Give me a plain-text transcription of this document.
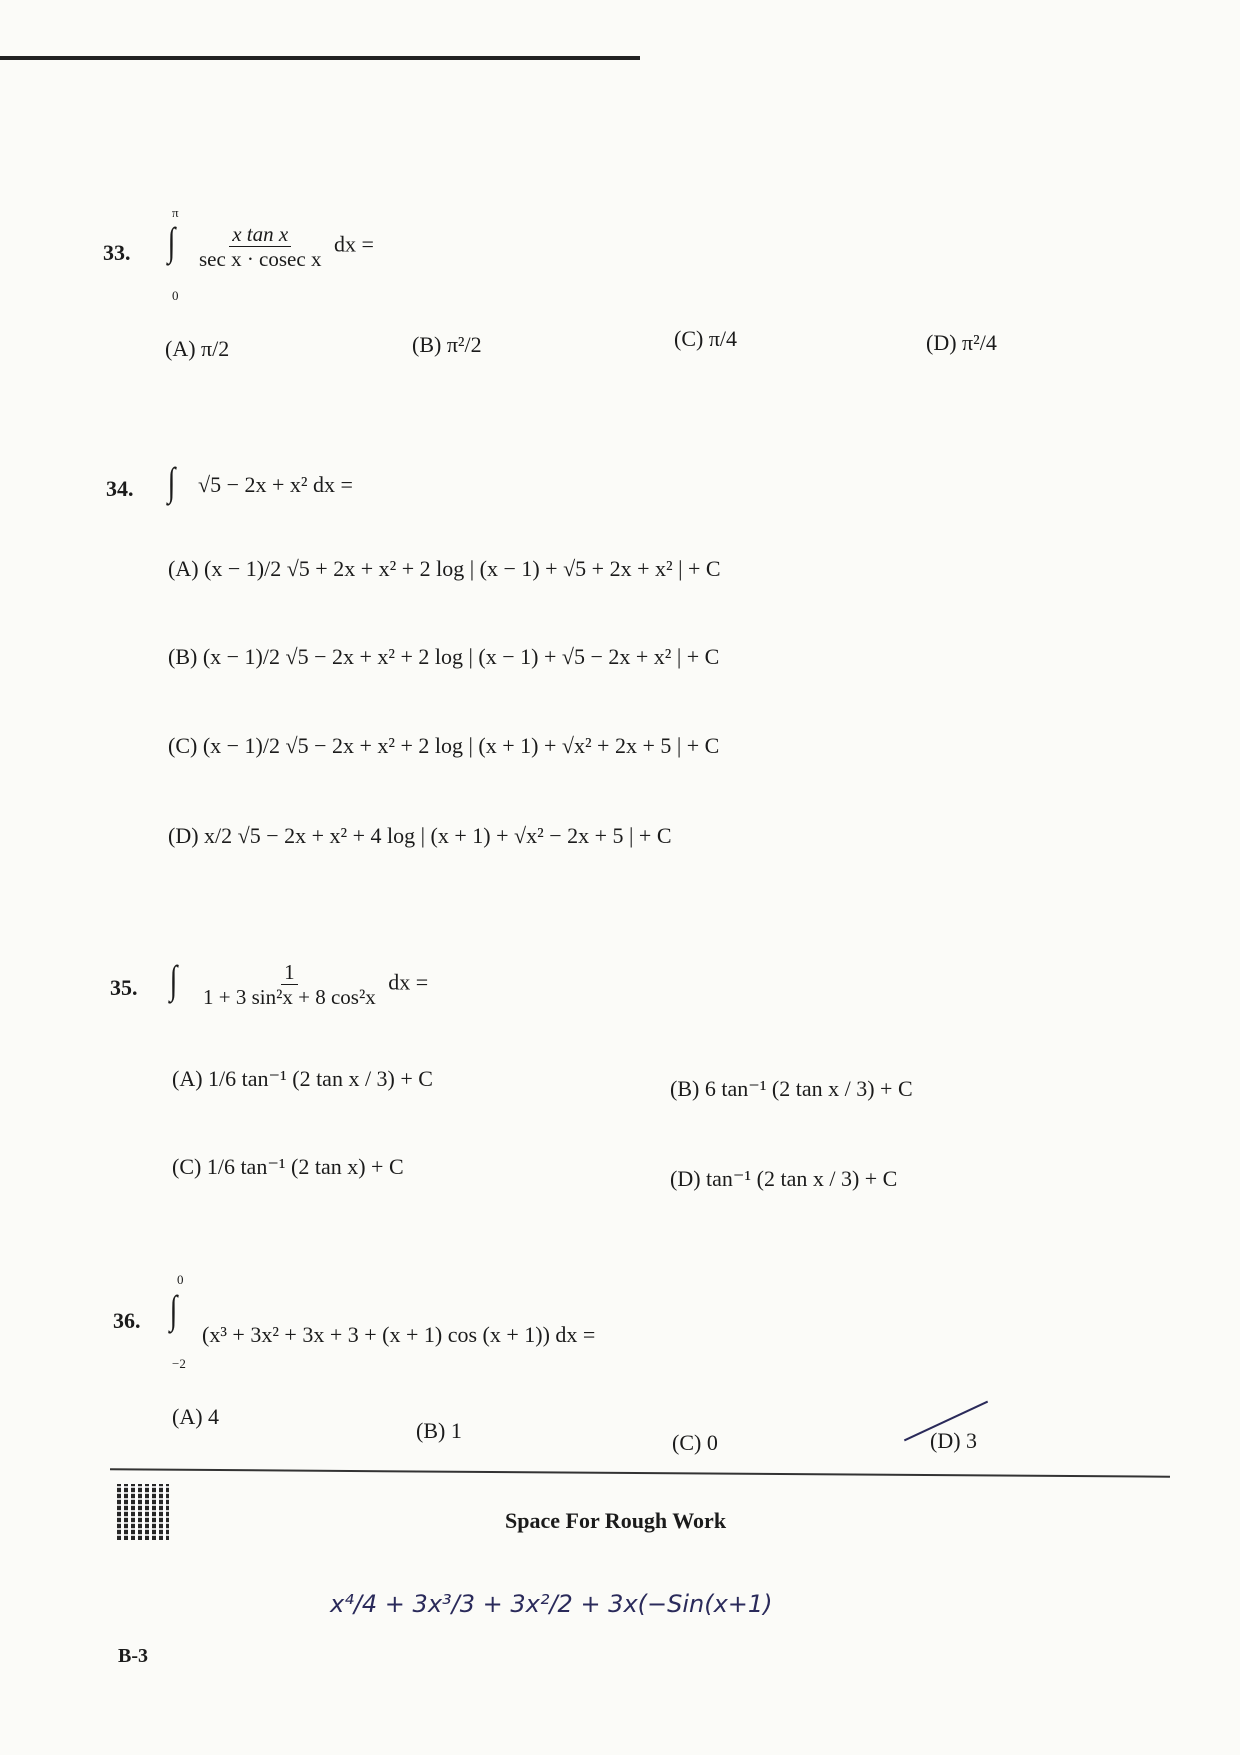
33.
π
∫
0
$\frac{\text{x tan x}}{\text{sec x · cosec x}}$ dx =
(A) π/2	(B) π²/2	(C) π/4	(D) π²/4
34. ∫ √5 − 2x + x² dx =
(A) (x − 1)/2 √5 + 2x + x² + 2 log | (x − 1) + √5 + 2x + x² | + C
(B) (x − 1)/2 √5 − 2x + x² + 2 log | (x − 1) + √5 − 2x + x² | + C
(C) (x − 1)/2 √5 − 2x + x² + 2 log | (x + 1) + √x² + 2x + 5 | + C
(D) x/2 √5 − 2x + x² + 4 log | (x + 1) + √x² − 2x + 5 | + C
35. ∫ $\frac{1}{\text{1 + 3 sin²x + 8 cos²x}}$ dx =
(A) 1/6 tan⁻¹ (2 tan x / 3) + C	(B) 6 tan⁻¹ (2 tan x / 3) + C
(C) 1/6 tan⁻¹ (2 tan x) + C	(D) tan⁻¹ (2 tan x / 3) + C
36.
0
∫
−2
(x³ + 3x² + 3x + 3 + (x + 1) cos (x + 1)) dx =
(A) 4
(B) 1	(C) 0	(D) 3
Space For Rough Work
x⁴/4 + 3x³/3 + 3x²/2 + 3x(−Sin(x+1)
B-3
